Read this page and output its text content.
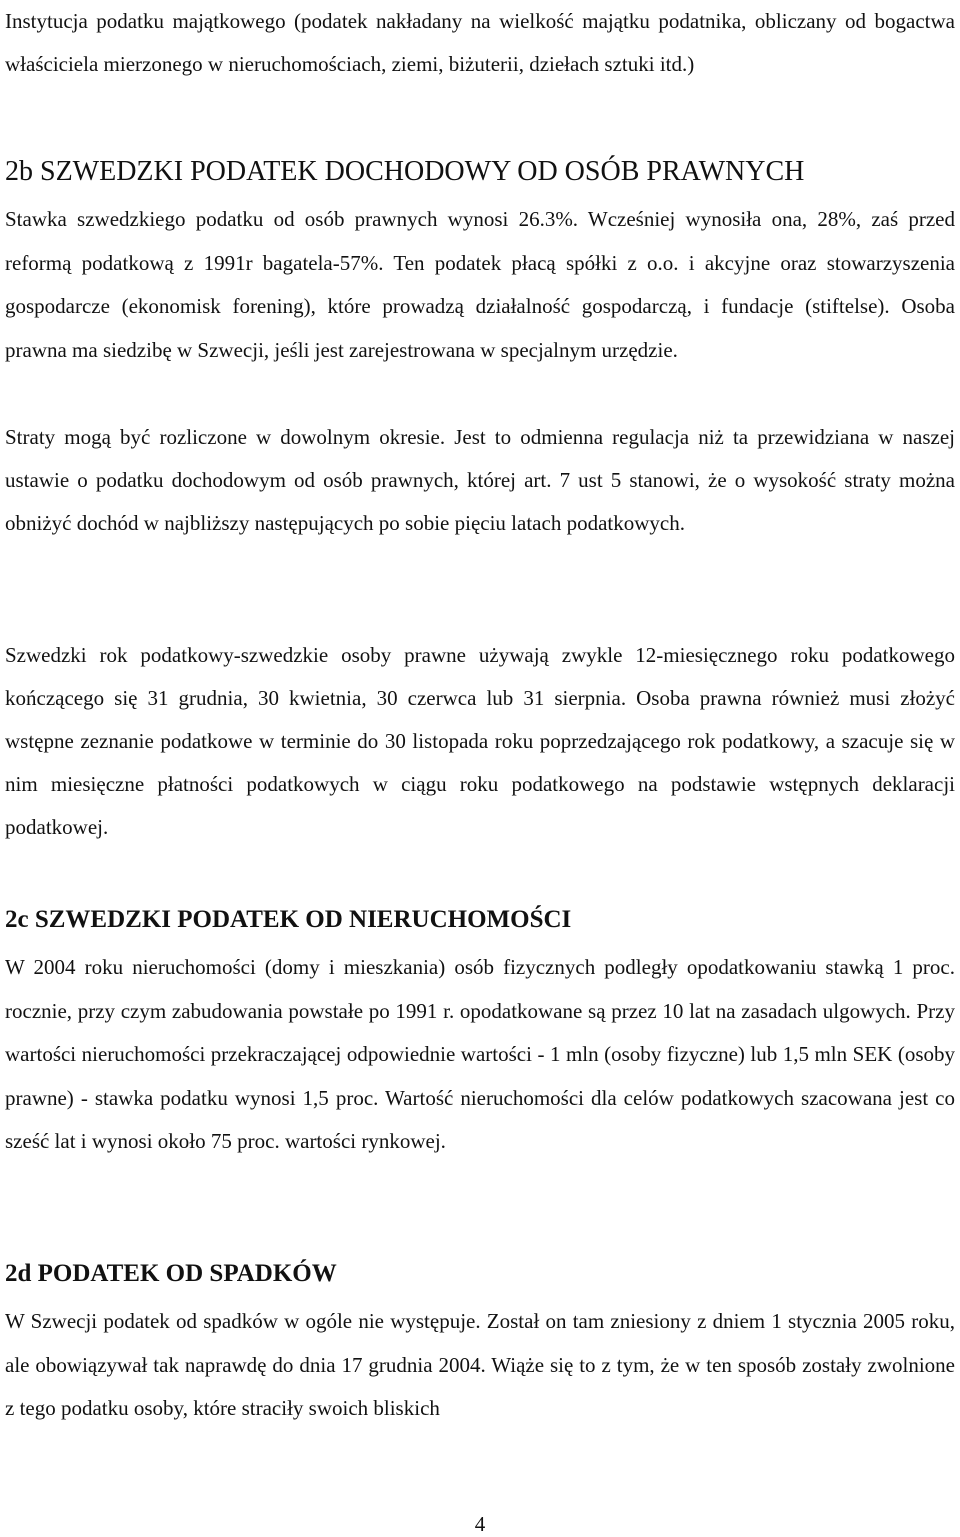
Instytucja podatku majątkowego (podatek nakładany na wielkość majątku podatnika, obliczany od bogactwa właściciela mierzonego w nieruchomościach, ziemi, biżuterii, dziełach sztuki itd.)

2b SZWEDZKI PODATEK DOCHODOWY OD OSÓB PRAWNYCH

Stawka szwedzkiego podatku od osób prawnych wynosi 26.3%. Wcześniej wynosiła ona, 28%, zaś przed reformą podatkową z 1991r bagatela-57%. Ten podatek płacą spółki z o.o. i akcyjne oraz stowarzyszenia gospodarcze (ekonomisk forening), które prowadzą działalność gospodarczą, i fundacje (stiftelse). Osoba prawna ma siedzibę w Szwecji, jeśli jest zarejestrowana w specjalnym urzędzie.

Straty mogą być rozliczone w dowolnym okresie. Jest to odmienna regulacja niż ta przewidziana w naszej ustawie o podatku dochodowym od osób prawnych, której art. 7 ust 5 stanowi, że o wysokość straty można obniżyć dochód w najbliższy następujących po sobie pięciu latach podatkowych.

Szwedzki rok podatkowy-szwedzkie osoby prawne używają zwykle 12-miesięcznego roku podatkowego kończącego się 31 grudnia, 30 kwietnia, 30 czerwca lub 31 sierpnia. Osoba prawna również musi złożyć wstępne zeznanie podatkowe w terminie do 30 listopada roku poprzedzającego rok podatkowy, a szacuje się w nim miesięczne płatności podatkowych w ciągu roku podatkowego na podstawie wstępnych deklaracji podatkowej.

2c SZWEDZKI PODATEK OD NIERUCHOMOŚCI

W 2004 roku nieruchomości (domy i mieszkania) osób fizycznych podległy opodatkowaniu stawką 1 proc. rocznie, przy czym zabudowania powstałe po 1991 r. opodatkowane są przez 10 lat na zasadach ulgowych. Przy wartości nieruchomości przekraczającej odpowiednie wartości - 1 mln (osoby fizyczne) lub 1,5 mln SEK (osoby prawne) - stawka podatku wynosi 1,5 proc. Wartość nieruchomości dla celów podatkowych szacowana jest co sześć lat i wynosi około 75 proc. wartości rynkowej.

2d PODATEK OD SPADKÓW

W Szwecji podatek od spadków w ogóle nie występuje. Został on tam zniesiony z dniem 1 stycznia 2005 roku, ale obowiązywał tak naprawdę do dnia 17 grudnia 2004. Wiąże się to z tym, że w ten sposób zostały zwolnione z tego podatku osoby, które straciły swoich bliskich

4
